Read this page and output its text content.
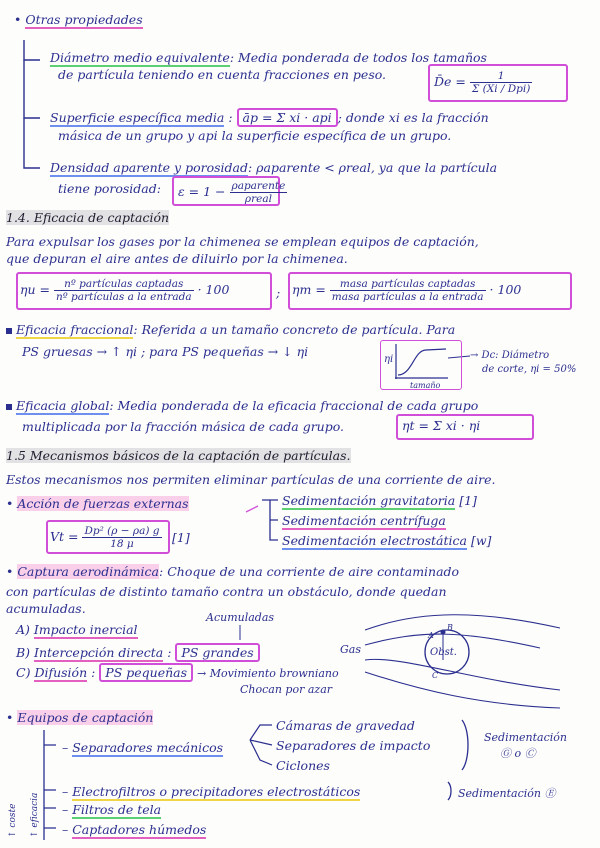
• Otras propiedades
Diámetro medio equivalente: Media ponderada de todos los tamaños
de partícula teniendo en cuenta fracciones en peso.	D̄e = $\frac{1}{\text{Σ (Xi / Dpi)}}$
Superficie específica media : āp = Σ xi · api ; donde xi es la fracción
másica de un grupo y api la superficie específica de un grupo.
Densidad aparente y porosidad: ρaparente < ρreal, ya que la partícula
tiene porosidad: $\varepsilon = 1 - \frac{\text{ρaparente}}{\text{ρreal}}$
1.4. Eficacia de captación
Para expulsar los gases por la chimenea se emplean equipos de captación,
que depuran el aire antes de diluirlo por la chimenea.
$\eta u = \frac{\text{nº partículas captadas}}{\text{nº partículas a la entrada}} \cdot 100$	; $\eta m = \frac{\text{masa partículas captadas}}{\text{masa partículas a la entrada}} \cdot 100$
Eficacia fraccional: Referida a un tamaño concreto de partícula. Para
PS gruesas → ↑ ηi ; para PS pequeñas → ↓ ηi
ηi
tamaño
→ Dc: Diámetro
de corte, ηi = 50%
Eficacia global: Media ponderada de la eficacia fraccional de cada grupo
multiplicada por la fracción másica de cada grupo.	ηt = Σ xi · ηi
1.5 Mecanismos básicos de la captación de partículas.
Estos mecanismos nos permiten eliminar partículas de una corriente de aire.
• Acción de fuerzas externas
$Vt = \frac{\text{Dp² (ρ − ρa) g}}{18 \mu} [1]$
Sedimentación gravitatoria [1]
Sedimentación centrífuga
Sedimentación electrostática [w]
• Captura aerodinámica: Choque de una corriente de aire contaminado
con partículas de distinto tamaño contra un obstáculo, donde quedan
acumuladas.
Acumuladas
A) Impacto inercial
B) Intercepción directa : PS grandes
C) Difusión : PS pequeñas → Movimiento browniano
Chocan por azar
Gas	Obst.
A
B
C
• Equipos de captación
– Separadores mecánicos
Cámaras de gravedad
Separadores de impacto
Ciclones
Sedimentación
Ⓖ o Ⓒ
– Electrofiltros o precipitadores electrostáticos	Sedimentación Ⓔ
– Filtros de tela
– Captadores húmedos
↑ coste	↑ eficacia
